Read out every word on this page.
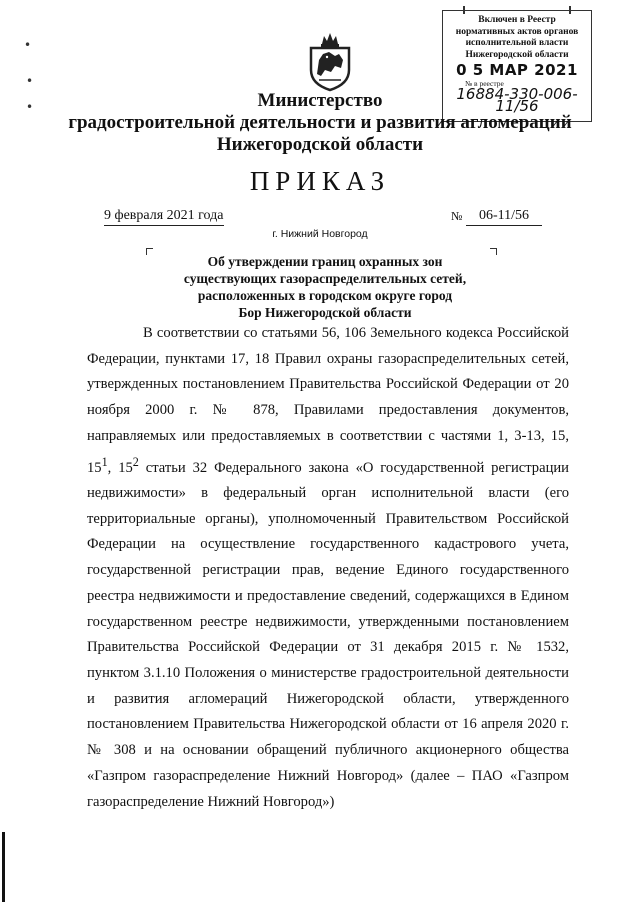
Включен в Реестр
нормативных актов органов
исполнительной власти
Нижегородской области
0 5 МАР 2021
№ в реестре
16884-330-006-11/56
Министерство
градостроительной деятельности и развития агломераций
Нижегородской области
ПРИКАЗ
9 февраля 2021 года	№	06-11/56
г. Нижний Новгород
Об утверждении границ охранных зон
существующих газораспределительных сетей,
расположенных в городском округе город
Бор Нижегородской области
В соответствии со статьями 56, 106 Земельного кодекса Российской Федерации, пунктами 17, 18 Правил охраны газораспределительных сетей, утвержденных постановлением Правительства Российской Федерации от 20 ноября 2000 г. № 878, Правилами предоставления документов, направляемых или предоставляемых в соответствии с частями 1, 3-13, 15, $15^1$, $15^2$ статьи 32 Федерального закона «О государственной регистрации недвижимости» в федеральный орган исполнительной власти (его территориальные органы), уполномоченный Правительством Российской Федерации на осуществление государственного кадастрового учета, государственной регистрации прав, ведение Единого государственного реестра недвижимости и предоставление сведений, содержащихся в Едином государственном реестре недвижимости, утвержденными постановлением Правительства Российской Федерации от 31 декабря 2015 г. № 1532, пунктом 3.1.10 Положения о министерстве градостроительной деятельности и развития агломераций Нижегородской области, утвержденного постановлением Правительства Нижегородской области от 16 апреля 2020 г. № 308 и на основании обращений публичного акционерного общества «Газпром газораспределение Нижний Новгород» (далее – ПАО «Газпром газораспределение Нижний Новгород»)
•
•
•
